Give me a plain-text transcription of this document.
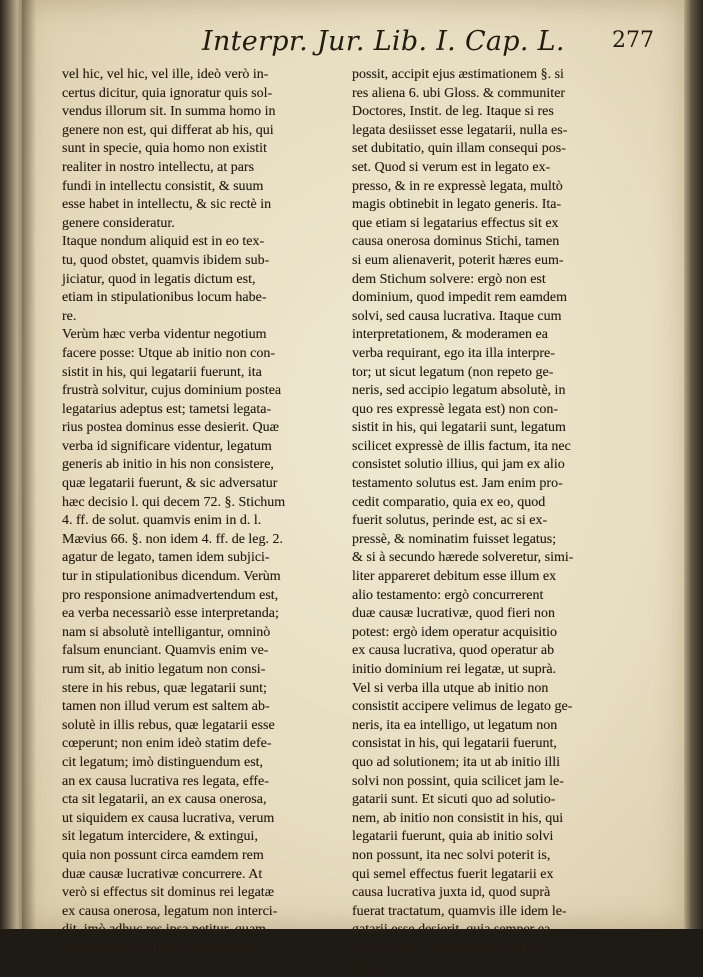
Interpr. Jur. Lib. I. Cap. L. 277
vel hic, vel hic, vel ille, ideò verò in-
certus dicitur, quia ignoratur quis sol-
vendus illorum sit. In summa homo in
genere non est, qui differat ab his, qui
sunt in specie, quia homo non existit
realiter in nostro intellectu, at pars
fundi in intellectu consistit, & suum
esse habet in intellectu, & sic rectè in
genere consideratur.
Itaque nondum aliquid est in eo tex-
tu, quod obstet, quamvis ibidem sub-
jiciatur, quod in legatis dictum est,
etiam in stipulationibus locum habe-
re.
Verùm hæc verba videntur negotium
facere posse: Utque ab initio non con-
sistit in his, qui legatarii fuerunt, ita
frustrà solvitur, cujus dominium postea
legatarius adeptus est; tametsi legata-
rius postea dominus esse desierit. Quæ
verba id significare videntur, legatum
generis ab initio in his non consistere,
quæ legatarii fuerunt, & sic adversatur
hæc decisio l. qui decem 72. §. Stichum
4. ff. de solut. quamvis enim in d. l.
Mævius 66. §. non idem 4. ff. de leg. 2.
agatur de legato, tamen idem subjici-
tur in stipulationibus dicendum. Verùm
pro responsione animadvertendum est,
ea verba necessariò esse interpretanda;
nam si absolutè intelligantur, omninò
falsum enunciant. Quamvis enim ve-
rum sit, ab initio legatum non consi-
stere in his rebus, quæ legatarii sunt;
tamen non illud verum est saltem ab-
solutè in illis rebus, quæ legatarii esse
cœperunt; non enim ideò statim defe-
cit legatum; imò distinguendum est,
an ex causa lucrativa res legata, effe-
cta sit legatarii, an ex causa onerosa,
ut siquidem ex causa lucrativa, verum
sit legatum intercidere, & extingui,
quia non possunt circa eamdem rem
duæ causæ lucrativæ concurrere. At
verò si effectus sit dominus rei legatæ
ex causa onerosa, legatum non interci-
dit, imò adhuc res ipsa petitur, quam
tamen, cum accipere legatarius non
possit, accipit ejus æstimationem §. si
res aliena 6. ubi Gloss. & communiter
Doctores, Instit. de leg. Itaque si res
legata desiisset esse legatarii, nulla es-
set dubitatio, quin illam consequi pos-
set. Quod si verum est in legato ex-
presso, & in re expressè legata, multò
magis obtinebit in legato generis. Ita-
que etiam si legatarius effectus sit ex
causa onerosa dominus Stichi, tamen
si eum alienaverit, poterit hæres eum-
dem Stichum solvere: ergò non est
dominium, quod impedit rem eamdem
solvi, sed causa lucrativa. Itaque cum
interpretationem, & moderamen ea
verba requirant, ego ita illa interpre-
tor; ut sicut legatum (non repeto ge-
neris, sed accipio legatum absolutè, in
quo res expressè legata est) non con-
sistit in his, qui legatarii sunt, legatum
scilicet expressè de illis factum, ita nec
consistet solutio illius, qui jam ex alio
testamento solutus est. Jam enim pro-
cedit comparatio, quia ex eo, quod
fuerit solutus, perinde est, ac si ex-
pressè, & nominatim fuisset legatus;
& si à secundo hærede solveretur, simi-
liter appareret debitum esse illum ex
alio testamento: ergò concurrerent
duæ causæ lucrativæ, quod fieri non
potest: ergò idem operatur acquisitio
ex causa lucrativa, quod operatur ab
initio dominium rei legatæ, ut suprà.
Vel si verba illa utque ab initio non
consistit accipere velimus de legato ge-
neris, ita ea intelligo, ut legatum non
consistat in his, qui legatarii fuerunt,
quo ad solutionem; ita ut ab initio illi
solvi non possint, quia scilicet jam le-
gatarii sunt. Et sicuti quo ad solutio-
nem, ab initio non consistit in his, qui
legatarii fuerunt, quia ab initio solvi
non possunt, ita nec solvi poterit is,
qui semel effectus fuerit legatarii ex
causa lucrativa juxta id, quod suprà
fuerat tractatum, quamvis ille idem le-
gatarii esse desierit, quia semper ea
causa obstat, & dominium semel ac-
qui-
